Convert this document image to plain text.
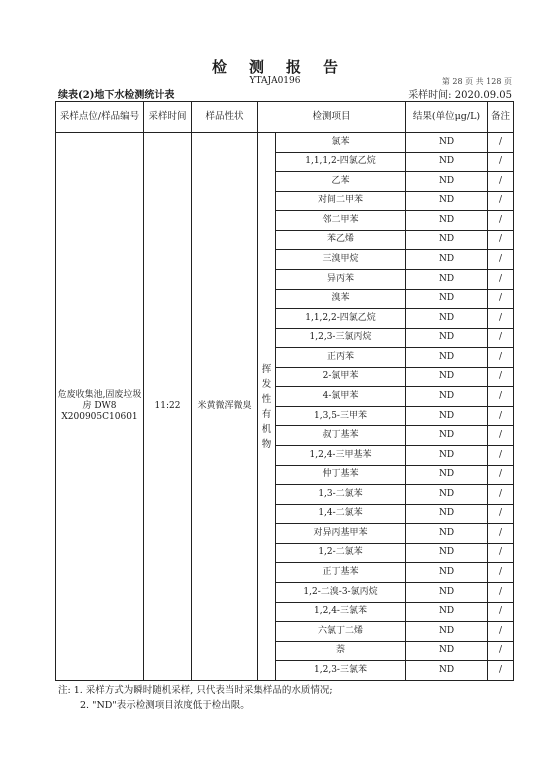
检测报告
YTAJA0196	第 28 页 共 128 页
续表(2)地下水检测统计表	采样时间: 2020.09.05
采样点位/样品编号	采样时间	样品性状	检测项目		结果(单位μg/L)	备注
危废收集池,固废垃圾房 DW8 X200905C10601	11:22	米黄微浑微臭	挥发性有机物	氯苯	ND	/
				1,1,1,2-四氯乙烷	ND	/
				乙苯	ND	/
				对间二甲苯	ND	/
				邻二甲苯	ND	/
				苯乙烯	ND	/
				三溴甲烷	ND	/
				异丙苯	ND	/
				溴苯	ND	/
				1,1,2,2-四氯乙烷	ND	/
				1,2,3-三氯丙烷	ND	/
				正丙苯	ND	/
				2-氯甲苯	ND	/
				4-氯甲苯	ND	/
				1,3,5-三甲苯	ND	/
				叔丁基苯	ND	/
				1,2,4-三甲基苯	ND	/
				仲丁基苯	ND	/
				1,3-二氯苯	ND	/
				1,4-二氯苯	ND	/
				对异丙基甲苯	ND	/
				1,2-二氯苯	ND	/
				正丁基苯	ND	/
				1,2-二溴-3-氯丙烷	ND	/
				1,2,4-三氯苯	ND	/
				六氯丁二烯	ND	/
				萘	ND	/
				1,2,3-三氯苯	ND	/
注: 1. 采样方式为瞬时随机采样, 只代表当时采集样品的水质情况;
2. "ND"表示检测项目浓度低于检出限。
